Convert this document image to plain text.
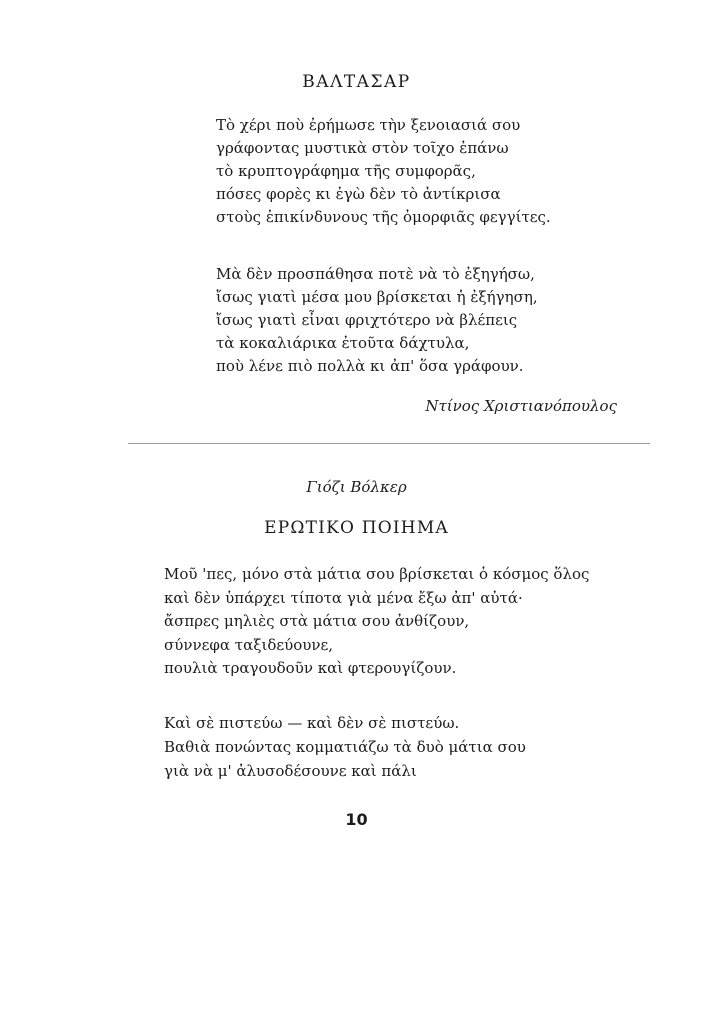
ΒΑΛΤΑΣΑΡ
Τὸ χέρι ποὺ ἐρήμωσε τὴν ξενοιασιά σου
γράφοντας μυστικὰ στὸν τοῖχο ἐπάνω
τὸ κρυπτογράφημα τῆς συμφορᾶς,
πόσες φορὲς κι ἐγὼ δὲν τὸ ἀντίκρισα
στοὺς ἐπικίνδυνους τῆς ὀμορφιᾶς φεγγίτες.
Μὰ δὲν προσπάθησα ποτὲ νὰ τὸ ἐξηγήσω,
ἴσως γιατὶ μέσα μου βρίσκεται ἡ ἐξήγηση,
ἴσως γιατὶ εἶναι φριχτότερο νὰ βλέπεις
τὰ κοκαλιάρικα ἐτοῦτα δάχτυλα,
ποὺ λένε πιὸ πολλὰ κι ἀπ' ὅσα γράφουν.
Ντίνος Χριστιανόπουλος
Γιόζι Βόλκερ
ΕΡΩΤΙΚΟ ΠΟΙΗΜΑ
Μοῦ 'πες, μόνο στὰ μάτια σου βρίσκεται ὁ κόσμος ὅλος
καὶ δὲν ὑπάρχει τίποτα γιὰ μένα ἔξω ἀπ' αὐτά·
ἄσπρες μηλιὲς στὰ μάτια σου ἀνθίζουν,
σύννεφα ταξιδεύουνε,
πουλιὰ τραγουδοῦν καὶ φτερουγίζουν.
Καὶ σὲ πιστεύω — καὶ δὲν σὲ πιστεύω.
Βαθιὰ πονώντας κομματιάζω τὰ δυὸ μάτια σου
γιὰ νὰ μ' ἀλυσοδέσουνε καὶ πάλι
10
